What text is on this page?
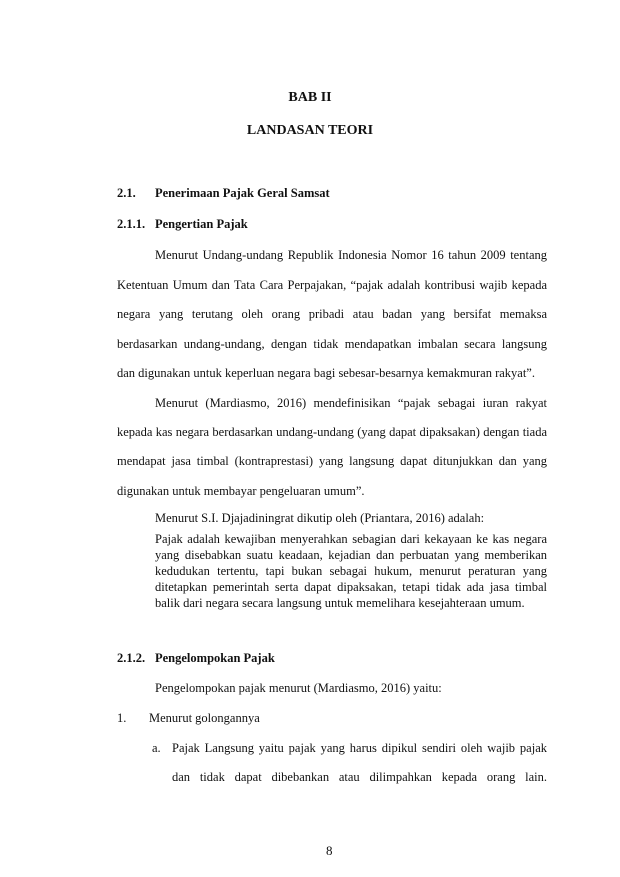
BAB II
LANDASAN TEORI
2.1. Penerimaan Pajak Geral Samsat
2.1.1. Pengertian Pajak
Menurut Undang-undang Republik Indonesia Nomor 16 tahun 2009 tentang
Ketentuan Umum dan Tata Cara Perpajakan, “pajak adalah kontribusi wajib kepada
negara yang terutang oleh orang pribadi atau badan yang bersifat memaksa
berdasarkan undang-undang, dengan tidak mendapatkan imbalan secara langsung
dan digunakan untuk keperluan negara bagi sebesar-besarnya kemakmuran rakyat”.
Menurut (Mardiasmo, 2016) mendefinisikan “pajak sebagai iuran rakyat
kepada kas negara berdasarkan undang-undang (yang dapat dipaksakan) dengan tiada
mendapat jasa timbal (kontraprestasi) yang langsung dapat ditunjukkan dan yang
digunakan untuk membayar pengeluaran umum”.
Menurut S.I. Djajadiningrat dikutip oleh (Priantara, 2016) adalah:
Pajak adalah kewajiban menyerahkan sebagian dari kekayaan ke kas negara
yang disebabkan suatu keadaan, kejadian dan perbuatan yang memberikan
kedudukan tertentu, tapi bukan sebagai hukum, menurut peraturan yang
ditetapkan pemerintah serta dapat dipaksakan, tetapi tidak ada jasa timbal
balik dari negara secara langsung untuk memelihara kesejahteraan umum.
2.1.2. Pengelompokan Pajak
Pengelompokan pajak menurut (Mardiasmo, 2016) yaitu:
1. Menurut golongannya
a. Pajak Langsung yaitu pajak yang harus dipikul sendiri oleh wajib pajak
dan tidak dapat dibebankan atau dilimpahkan kepada orang lain.
8
